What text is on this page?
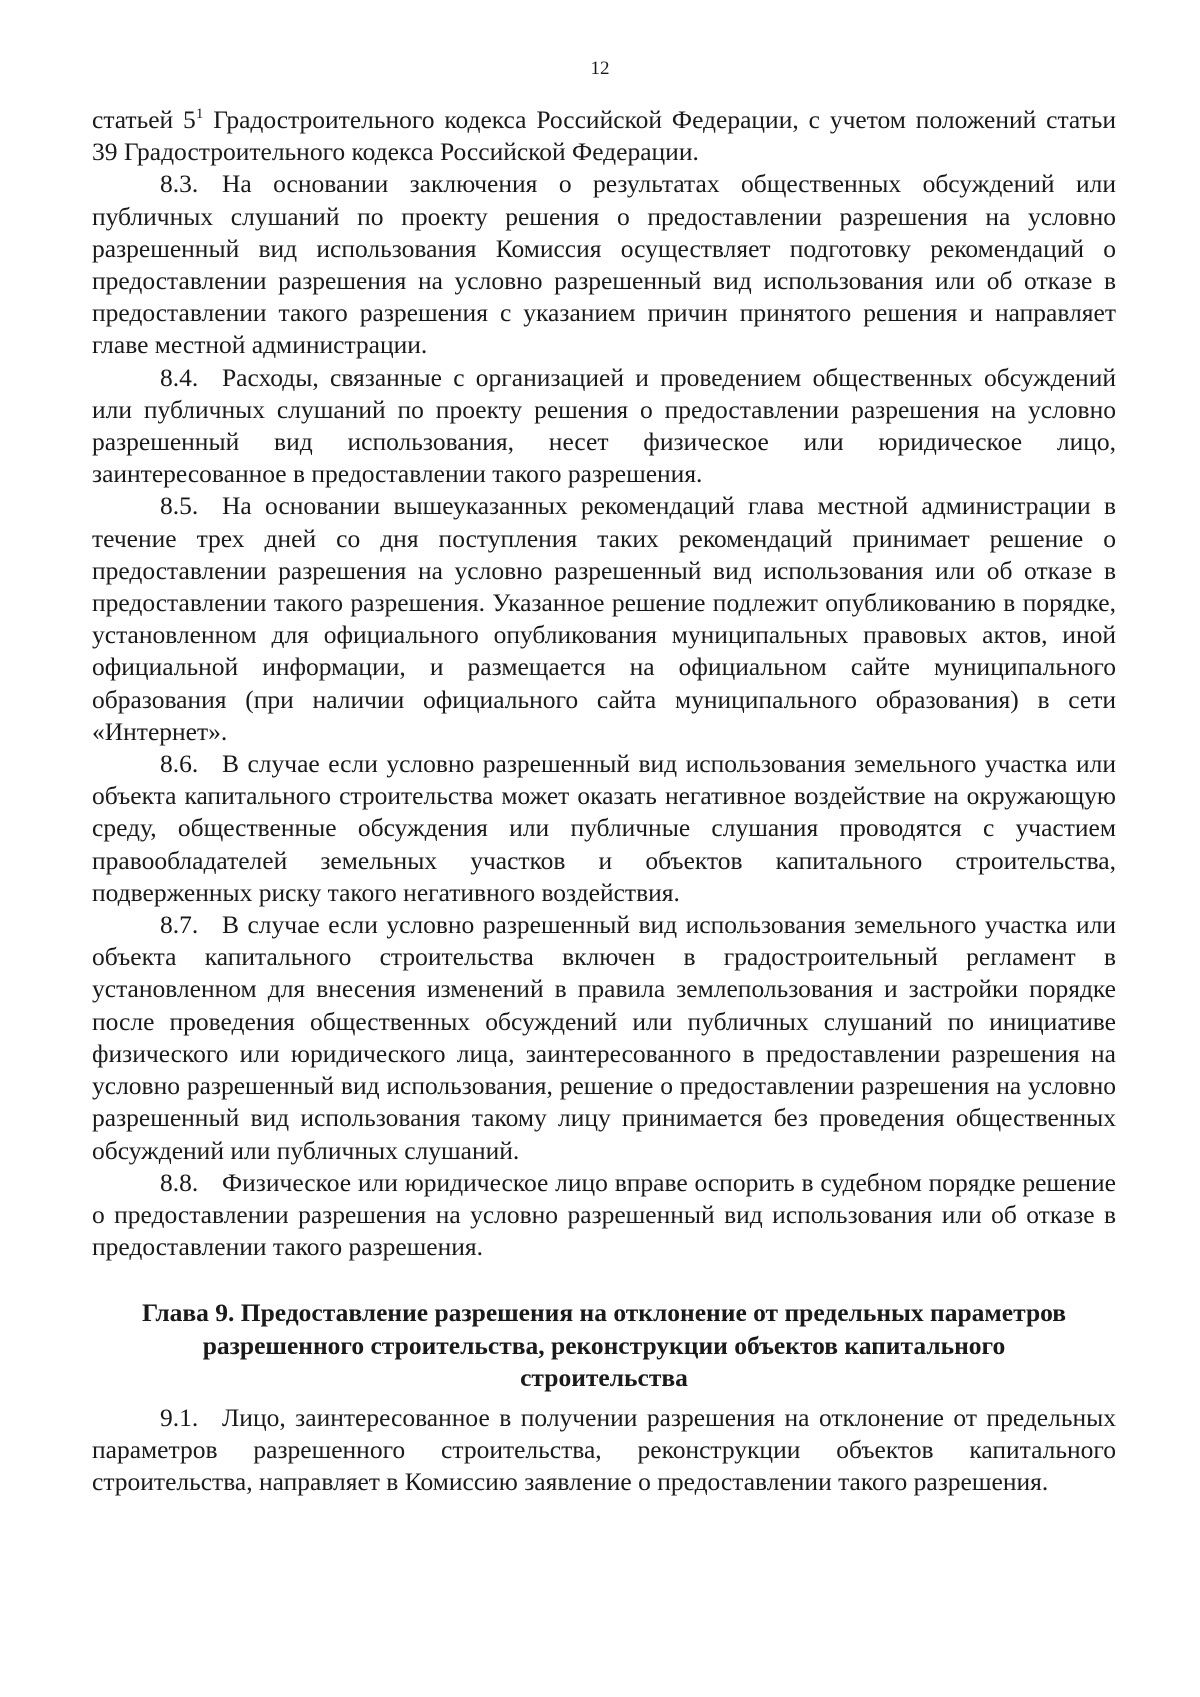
12

статьей $5^1$ Градостроительного кодекса Российской Федерации, с учетом положений статьи 39 Градостроительного кодекса Российской Федерации.

8.3. На основании заключения о результатах общественных обсуждений или публичных слушаний по проекту решения о предоставлении разрешения на условно разрешенный вид использования Комиссия осуществляет подготовку рекомендаций о предоставлении разрешения на условно разрешенный вид использования или об отказе в предоставлении такого разрешения с указанием причин принятого решения и направляет главе местной администрации.

8.4. Расходы, связанные с организацией и проведением общественных обсуждений или публичных слушаний по проекту решения о предоставлении разрешения на условно разрешенный вид использования, несет физическое или юридическое лицо, заинтересованное в предоставлении такого разрешения.

8.5. На основании вышеуказанных рекомендаций глава местной администрации в течение трех дней со дня поступления таких рекомендаций принимает решение о предоставлении разрешения на условно разрешенный вид использования или об отказе в предоставлении такого разрешения. Указанное решение подлежит опубликованию в порядке, установленном для официального опубликования муниципальных правовых актов, иной официальной информации, и размещается на официальном сайте муниципального образования (при наличии официального сайта муниципального образования) в сети «Интернет».

8.6. В случае если условно разрешенный вид использования земельного участка или объекта капитального строительства может оказать негативное воздействие на окружающую среду, общественные обсуждения или публичные слушания проводятся с участием правообладателей земельных участков и объектов капитального строительства, подверженных риску такого негативного воздействия.

8.7. В случае если условно разрешенный вид использования земельного участка или объекта капитального строительства включен в градостроительный регламент в установленном для внесения изменений в правила землепользования и застройки порядке после проведения общественных обсуждений или публичных слушаний по инициативе физического или юридического лица, заинтересованного в предоставлении разрешения на условно разрешенный вид использования, решение о предоставлении разрешения на условно разрешенный вид использования такому лицу принимается без проведения общественных обсуждений или публичных слушаний.

8.8. Физическое или юридическое лицо вправе оспорить в судебном порядке решение о предоставлении разрешения на условно разрешенный вид использования или об отказе в предоставлении такого разрешения.

Глава 9. Предоставление разрешения на отклонение от предельных параметров разрешенного строительства, реконструкции объектов капитального строительства

9.1. Лицо, заинтересованное в получении разрешения на отклонение от предельных параметров разрешенного строительства, реконструкции объектов капитального строительства, направляет в Комиссию заявление о предоставлении такого разрешения.
